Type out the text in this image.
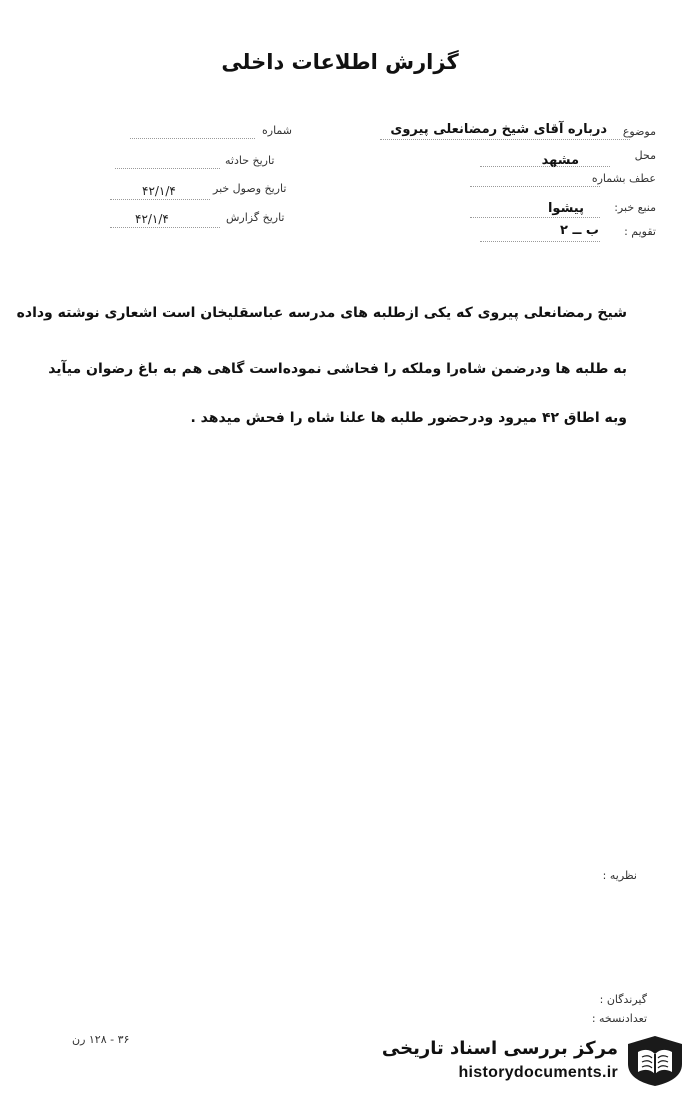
گزارش اطلاعات داخلی
شماره
تاریخ حادثه
تاریخ وصول خبر
۴۲/۱/۴
تاریخ گزارش
۴۲/۱/۴
موضوع
درباره آقای شیخ رمضانعلی پیروی
محل
مشهد
عطف بشماره
منبع خبر:
پیشوا
تقویم :
ب ــ ۲
شیخ رمضانعلی پیروی که یکی ازطلبه های مدرسه عباسقلیخان است اشعاری نوشته وداده
به طلبه ها ودرضمن شاه‌را وملکه را فحاشی نموده‌است گاهی هم به باغ رضوان میآید
وبه اطاق ۴۲ میرود ودرحضور طلبه ها علنا شاه را فحش میدهد .
نظریه :
گیرندگان :
تعدادنسخه :
۳۶ - ۱۲۸ رن	مرکز بررسی اسناد تاریخی
historydocuments.ir
